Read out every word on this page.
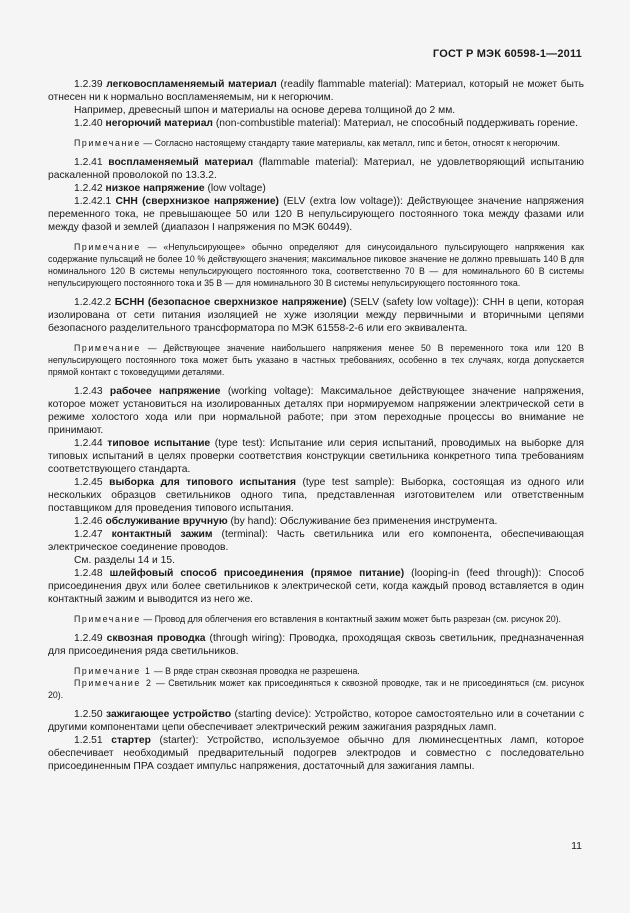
ГОСТ Р МЭК 60598-1—2011

1.2.39 легковоспламеняемый материал (readily flammable material): Материал, который не может быть отнесен ни к нормально воспламеняемым, ни к негорючим.

Например, древесный шпон и материалы на основе дерева толщиной до 2 мм.

1.2.40 негорючий материал (non-combustible material): Материал, не способный поддерживать горение.

Примечание — Согласно настоящему стандарту такие материалы, как металл, гипс и бетон, относят к негорючим.

1.2.41 воспламеняемый материал (flammable material): Материал, не удовлетворяющий испытанию раскаленной проволокой по 13.3.2.

1.2.42 низкое напряжение (low voltage)

1.2.42.1 СНН (сверхнизкое напряжение) (ELV (extra low voltage)): Действующее значение напряжения переменного тока, не превышающее 50 или 120 В непульсирующего постоянного тока между фазами или между фазой и землей (диапазон I напряжения по МЭК 60449).

Примечание — «Непульсирующее» обычно определяют для синусоидального пульсирующего напряжения как содержание пульсаций не более 10 % действующего значения; максимальное пиковое значение не должно превышать 140 В для номинального 120 В системы непульсирующего постоянного тока, соответственно 70 В — для номинального 60 В системы непульсирующего постоянного тока и 35 В — для номинального 30 В системы непульсирующего постоянного тока.

1.2.42.2 БСНН (безопасное сверхнизкое напряжение) (SELV (safety low voltage)): СНН в цепи, которая изолирована от сети питания изоляцией не хуже изоляции между первичными и вторичными цепями безопасного разделительного трансформатора по МЭК 61558-2-6 или его эквивалента.

Примечание — Действующее значение наибольшего напряжения менее 50 В переменного тока или 120 В непульсирующего постоянного тока может быть указано в частных требованиях, особенно в тех случаях, когда допускается прямой контакт с токоведущими деталями.

1.2.43 рабочее напряжение (working voltage): Максимальное действующее значение напряжения, которое может установиться на изолированных деталях при нормируемом напряжении электрической сети в режиме холостого хода или при нормальной работе; при этом переходные процессы во внимание не принимают.

1.2.44 типовое испытание (type test): Испытание или серия испытаний, проводимых на выборке для типовых испытаний в целях проверки соответствия конструкции светильника конкретного типа требованиям соответствующего стандарта.

1.2.45 выборка для типового испытания (type test sample): Выборка, состоящая из одного или нескольких образцов светильников одного типа, представленная изготовителем или ответственным поставщиком для проведения типового испытания.

1.2.46 обслуживание вручную (by hand): Обслуживание без применения инструмента.

1.2.47 контактный зажим (terminal): Часть светильника или его компонента, обеспечивающая электрическое соединение проводов.

См. разделы 14 и 15.

1.2.48 шлейфовый способ присоединения (прямое питание) (looping-in (feed through)): Способ присоединения двух или более светильников к электрической сети, когда каждый провод вставляется в один контактный зажим и выводится из него же.

Примечание — Провод для облегчения его вставления в контактный зажим может быть разрезан (см. рисунок 20).

1.2.49 сквозная проводка (through wiring): Проводка, проходящая сквозь светильник, предназначенная для присоединения ряда светильников.

Примечание 1 — В ряде стран сквозная проводка не разрешена.

Примечание 2 — Светильник может как присоединяться к сквозной проводке, так и не присоединяться (см. рисунок 20).

1.2.50 зажигающее устройство (starting device): Устройство, которое самостоятельно или в сочетании с другими компонентами цепи обеспечивает электрический режим зажигания разрядных ламп.

1.2.51 стартер (starter): Устройство, используемое обычно для люминесцентных ламп, которое обеспечивает необходимый предварительный подогрев электродов и совместно с последовательно присоединенным ПРА создает импульс напряжения, достаточный для зажигания лампы.

11
